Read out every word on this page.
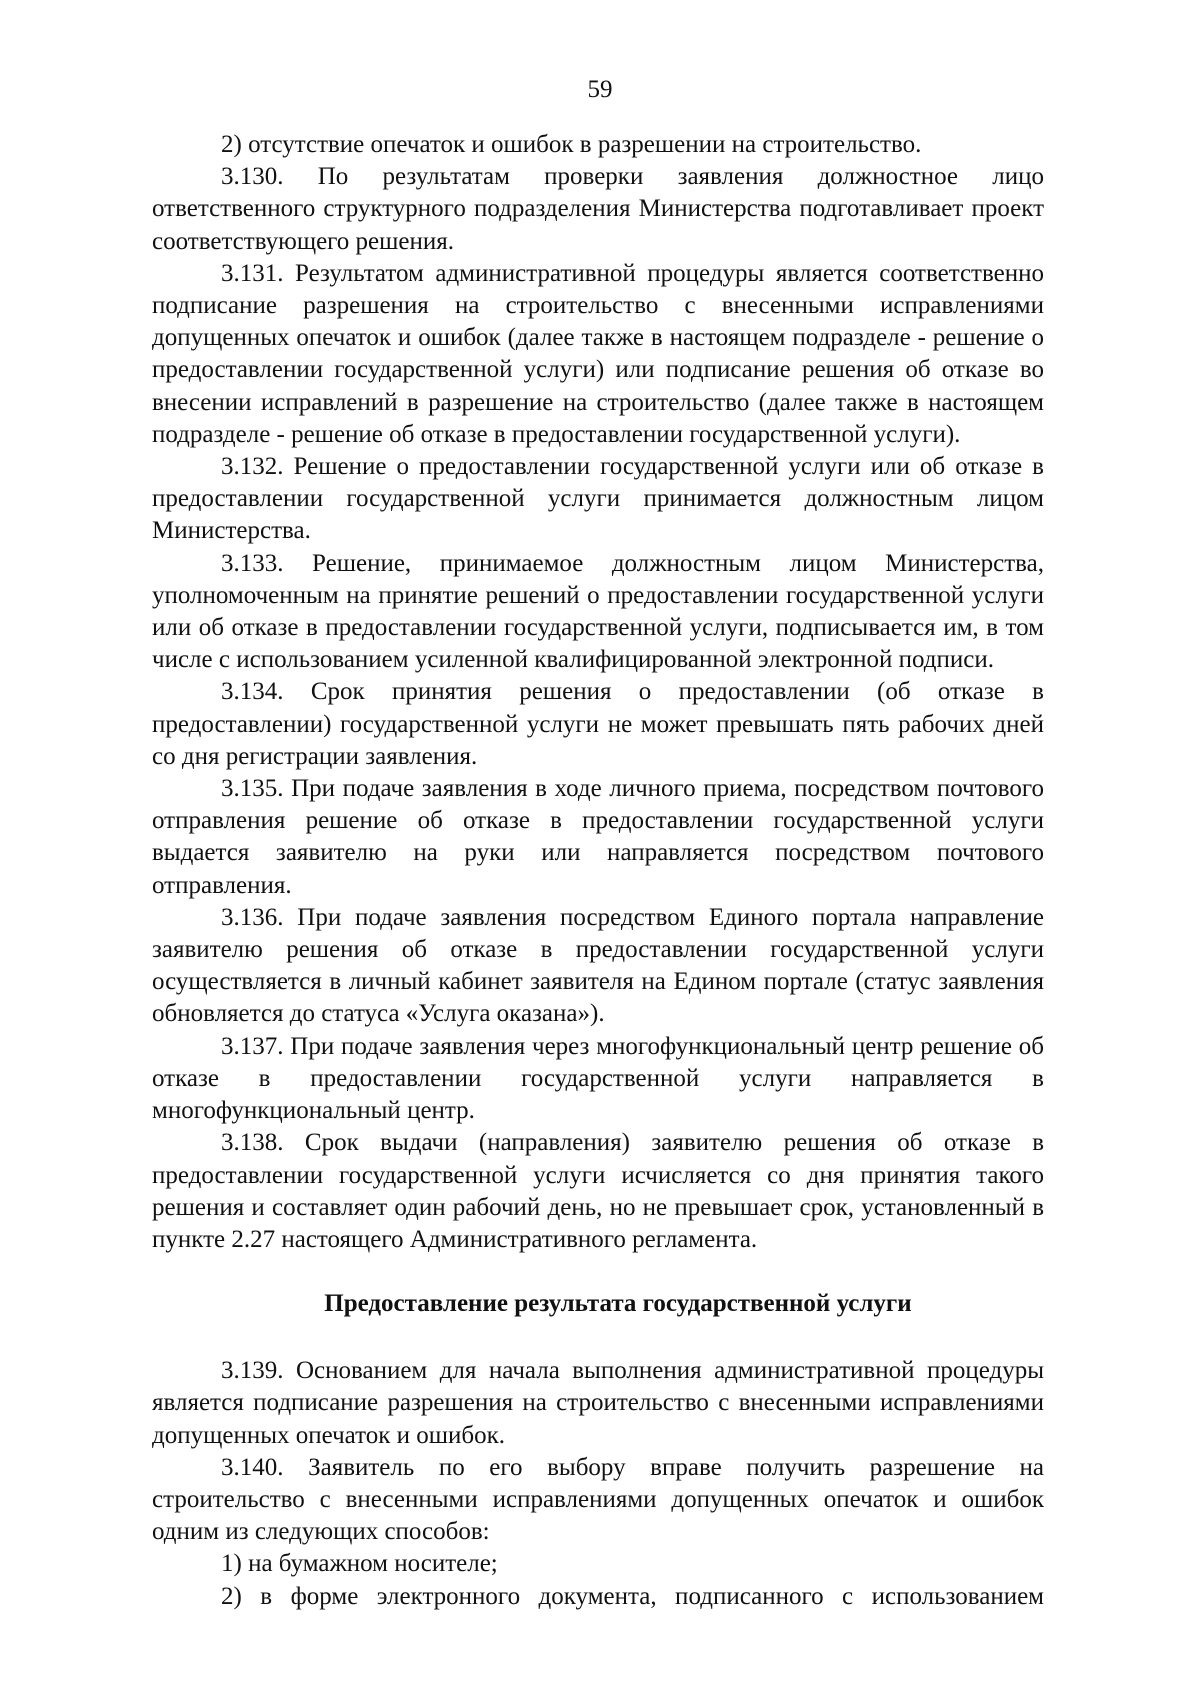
59

2) отсутствие опечаток и ошибок в разрешении на строительство.

3.130. По результатам проверки заявления должностное лицо ответственного структурного подразделения Министерства подготавливает проект соответствующего решения.

3.131. Результатом административной процедуры является соответственно подписание разрешения на строительство с внесенными исправлениями допущенных опечаток и ошибок (далее также в настоящем подразделе - решение о предоставлении государственной услуги) или подписание решения об отказе во внесении исправлений в разрешение на строительство (далее также в настоящем подразделе - решение об отказе в предоставлении государственной услуги).

3.132. Решение о предоставлении государственной услуги или об отказе в предоставлении государственной услуги принимается должностным лицом Министерства.

3.133. Решение, принимаемое должностным лицом Министерства, уполномоченным на принятие решений о предоставлении государственной услуги или об отказе в предоставлении государственной услуги, подписывается им, в том числе с использованием усиленной квалифицированной электронной подписи.

3.134. Срок принятия решения о предоставлении (об отказе в предоставлении) государственной услуги не может превышать пять рабочих дней со дня регистрации заявления.

3.135. При подаче заявления в ходе личного приема, посредством почтового отправления решение об отказе в предоставлении государственной услуги выдается заявителю на руки или направляется посредством почтового отправления.

3.136. При подаче заявления посредством Единого портала направление заявителю решения об отказе в предоставлении государственной услуги осуществляется в личный кабинет заявителя на Едином портале (статус заявления обновляется до статуса «Услуга оказана»).

3.137. При подаче заявления через многофункциональный центр решение об отказе в предоставлении государственной услуги направляется в многофункциональный центр.

3.138. Срок выдачи (направления) заявителю решения об отказе в предоставлении государственной услуги исчисляется со дня принятия такого решения и составляет один рабочий день, но не превышает срок, установленный в пункте 2.27 настоящего Административного регламента.

Предоставление результата государственной услуги

3.139. Основанием для начала выполнения административной процедуры является подписание разрешения на строительство с внесенными исправлениями допущенных опечаток и ошибок.

3.140. Заявитель по его выбору вправе получить разрешение на строительство с внесенными исправлениями допущенных опечаток и ошибок одним из следующих способов:

1) на бумажном носителе;

2) в форме электронного документа, подписанного с использованием
